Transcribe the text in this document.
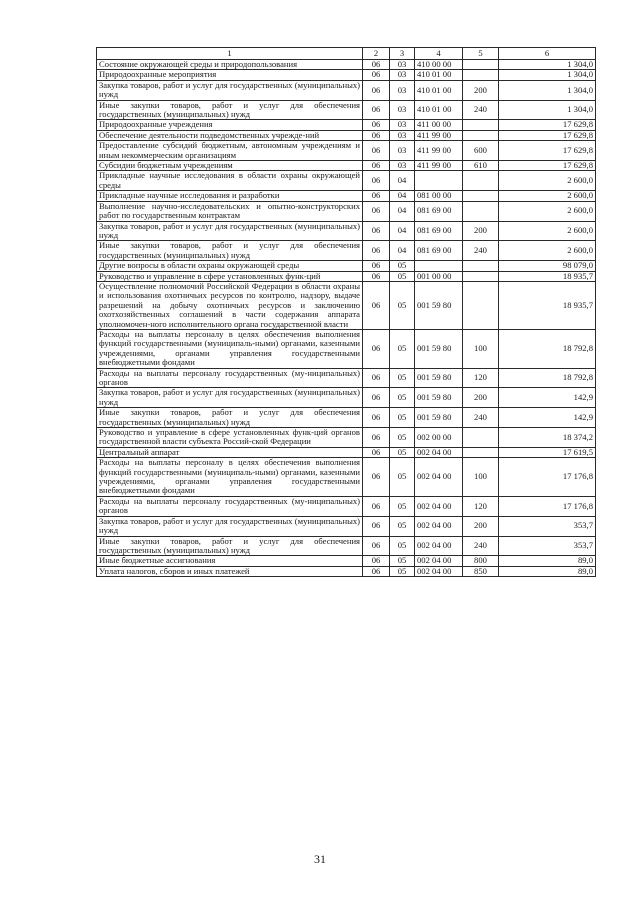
1	2	3	4	5	6
Состояние окружающей среды и природопользования	06	03	410 00 00		1 304,0
Природоохранные мероприятия	06	03	410 01 00		1 304,0
Закупка товаров, работ и услуг для государственных (муниципальных) нужд	06	03	410 01 00	200	1 304,0
Иные закупки товаров, работ и услуг для обеспечения государственных (муниципальных) нужд	06	03	410 01 00	240	1 304,0
Природоохранные учреждения	06	03	411 00 00		17 629,8
Обеспечение деятельности подведомственных учрежде-ний	06	03	411 99 00		17 629,8
Предоставление субсидий бюджетным, автономным учреждениям и иным некоммерческим организациям	06	03	411 99 00	600	17 629,8
Субсидии бюджетным учреждениям	06	03	411 99 00	610	17 629,8
Прикладные научные исследования в области охраны окружающей среды	06	04			2 600,0
Прикладные научные исследования и разработки	06	04	081 00 00		2 600,0
Выполнение научно-исследовательских и опытно-конструкторских работ по государственным контрактам	06	04	081 69 00		2 600,0
Закупка товаров, работ и услуг для государственных (муниципальных) нужд	06	04	081 69 00	200	2 600,0
Иные закупки товаров, работ и услуг для обеспечения государственных (муниципальных) нужд	06	04	081 69 00	240	2 600,0
Другие вопросы в области охраны окружающей среды	06	05			98 079,0
Руководство и управление в сфере установленных функ-ций	06	05	001 00 00		18 935,7
Осуществление полномочий Российской Федерации в области охраны и использования охотничьих ресурсов по контролю, надзору, выдаче разрешений на добычу охотничьих ресурсов и заключению охотхозяйственных соглашений в части содержания аппарата уполномочен-ного исполнительного органа государственной власти	06	05	001 59 80		18 935,7
Расходы на выплаты персоналу в целях обеспечения выполнения функций государственными (муниципаль-ными) органами, казенными учреждениями, органами управления государственными внебюджетными фондами	06	05	001 59 80	100	18 792,8
Расходы на выплаты персоналу государственных (му-ниципальных) органов	06	05	001 59 80	120	18 792,8
Закупка товаров, работ и услуг для государственных (муниципальных) нужд	06	05	001 59 80	200	142,9
Иные закупки товаров, работ и услуг для обеспечения государственных (муниципальных) нужд	06	05	001 59 80	240	142,9
Руководство и управление в сфере установленных функ-ций органов государственной власти субъекта Россий-ской Федерации	06	05	002 00 00		18 374,2
Центральный аппарат	06	05	002 04 00		17 619,5
Расходы на выплаты персоналу в целях обеспечения выполнения функций государственными (муниципаль-ными) органами, казенными учреждениями, органами управления государственными внебюджетными фондами	06	05	002 04 00	100	17 176,8
Расходы на выплаты персоналу государственных (му-ниципальных) органов	06	05	002 04 00	120	17 176,8
Закупка товаров, работ и услуг для государственных (муниципальных) нужд	06	05	002 04 00	200	353,7
Иные закупки товаров, работ и услуг для обеспечения государственных (муниципальных) нужд	06	05	002 04 00	240	353,7
Иные бюджетные ассигнования	06	05	002 04 00	800	89,0
Уплата налогов, сборов и иных платежей	06	05	002 04 00	850	89,0
31
